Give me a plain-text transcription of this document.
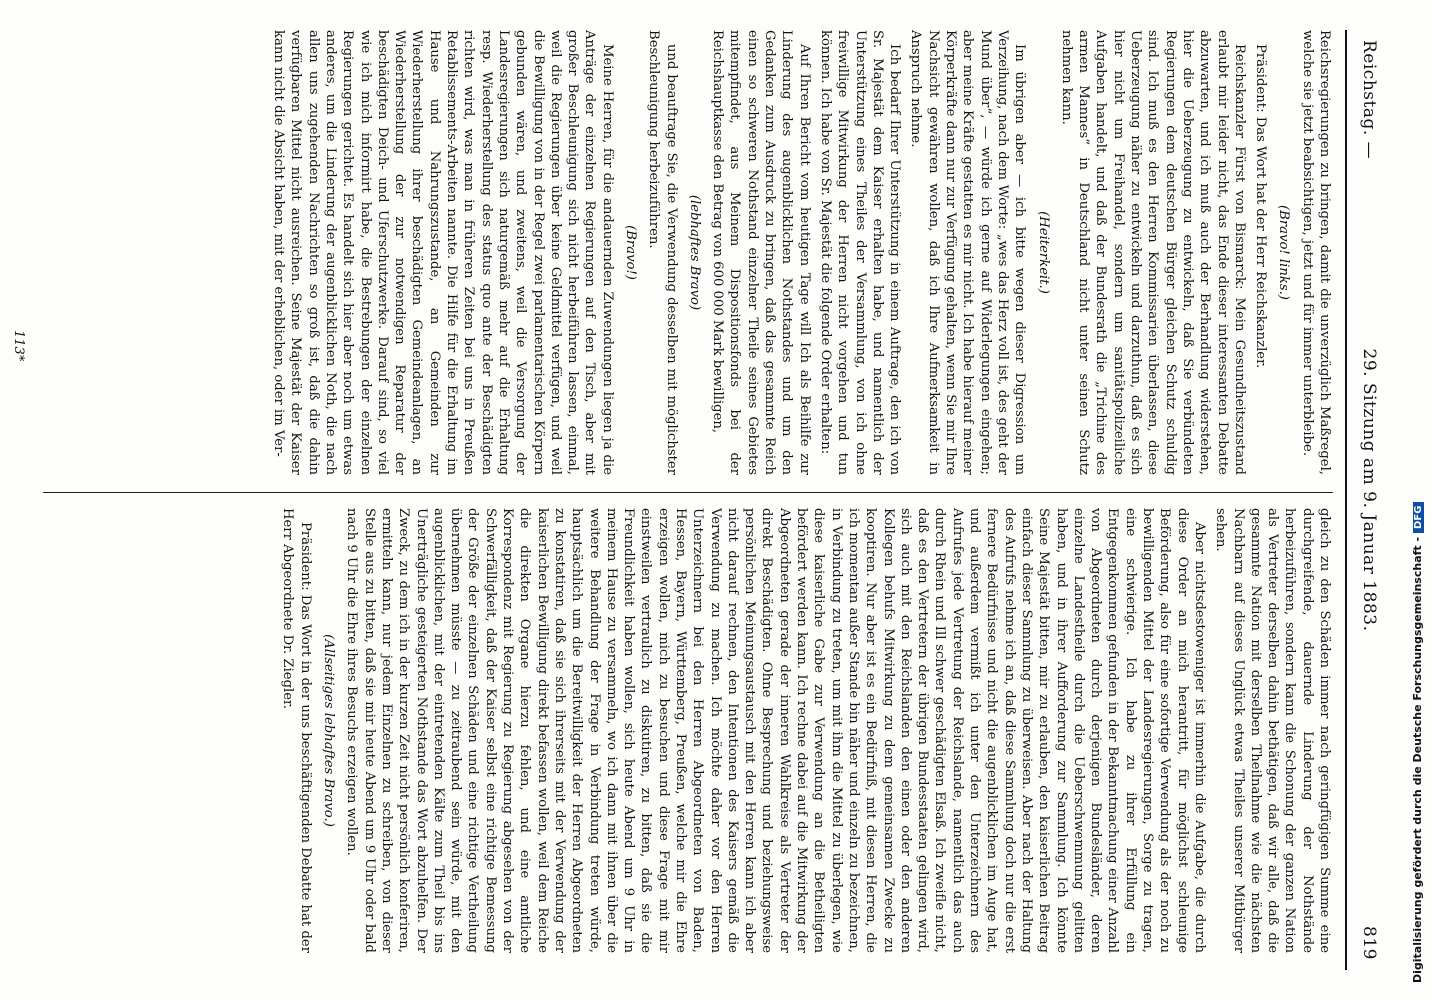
Reichstag. —
29. Sitzung am 9. Januar 1883.
819

Reichsregierungen zu bringen, damit die unverzüglich Maßregel, welche sie jetzt beabsichtigen, jetzt und für immer unterbleibe.

(Bravo! links.)

Präsident: Das Wort hat der Herr Reichskanzler.

Reichskanzler Fürst von Bismarck: Mein Gesundheitszustand erlaubt mir leider nicht, das Ende dieser interessanten Debatte abzuwarten, und ich muß auch der Berhandlung widerstehen, hier die Ueberzeugung zu entwickeln, daß Sie verbündeten Regierungen dem deutschen Bürger gleichen Schutz schuldig sind. Ich muß es den Herren Kommissarien überlassen, diese Ueberzeugung näher zu entwickeln und darzuthun, daß es sich hier nicht um Freihandel, sondern um sanitätspolizeiliche Aufgaben handelt, und daß der Bundesrath die „Trichine des armen Mannes“ in Deutschland nicht unter seinen Schutz nehmen kann.

(Heiterkeit.)

Im übrigen aber — ich bitte wegen dieser Digression um Verzeihung, nach dem Worte: „wes das Herz voll ist, des geht der Mund über“, — würde ich gerne auf Widerlegungen eingehen; aber meine Kräfte gestatten es mir nicht. Ich habe hierauf meiner Körperkräfte dann nur zur Verfügung gehalten, wenn Sie mir Ihre Nachsicht gewähren wollen, daß ich Ihre Aufmerksamkeit in Anspruch nehme.

Ich bedarf Ihrer Unterstützung in einem Auftrage, den ich von Sr. Majestät dem Kaiser erhalten habe, und namentlich der Unterstützung eines Theiles der Versammlung, von ich ohne freiwillige Mitwirkung der Herren nicht vorgehen und tun können. Ich habe von Sr. Majestät die folgende Order erhalten:

Auf Ihren Bericht vom heutigen Tage will Ich als Beihilfe zur Linderung des augenblicklichen Nothstandes und um den Gedanken zum Ausdruck zu bringen, daß das gesammte Reich einen so schweren Nothstand einzelner Theile seines Gebietes mitempfindet, aus Meinem Dispositionsfonds bei der Reichshauptkasse den Betrag von 600 000 Mark bewilligen,

(lebhaftes Bravo)

und beauftrage Sie, die Verwendung desselben mit möglichster Beschleunigung herbeizuführen.

(Bravo!)

Meine Herren, für die andauernden Zuwendungen liegen ja die Anträge der einzelnen Regierungen auf den Tisch, aber mit großer Beschleunigung sich nicht herbeiführen lassen, einmal, weil die Regierungen über keine Geldmittel verfügen, und weil die Bewilligung von in der Regel zwei parlamentarischen Körpern gebunden wären, und zweitens, weil die Versorgung der Landesregierungen sich naturgemäß mehr auf die Erhaltung resp. Wiederherstellung des status quo ante der Beschädigten richten wird, was man in früheren Zeiten bei uns in Preußen Retablissements-Arbeiten nannte. Die Hilfe für die Erhaltung im Hause und Nahrungszustande, an Gemeinden zur Wiederherstellung ihrer beschädigten Gemeindeanlagen, an Wiederherstellung der zur notwendigen Reparatur der beschädigten Deich- und Uferschutzwerke. Darauf sind, so viel wie ich mich informirt habe, die Bestrebungen der einzelnen Regierungen gerichtet. Es handelt sich hier aber noch um etwas anderes, um die Linderung der augenblicklichen Noth, die nach allen uns zugehenden Nachrichten so groß ist, daß die dahin verfügbaren Mittel nicht ausreichen. Seine Majestät der Kaiser kann nicht die Absicht haben, mit der erheblichen, oder im Ver-

gleich zu den Schäden immer nach geringfügigen Summe eine durchgreifende, dauernde Linderung der Nothstände herbeizuführen, sondern kann die Schonung der ganzen Nation als Vertreter derselben dahin bethätigen, daß wir alle, daß die gesammte Nation mit derselben Theilnahme wie die nächsten Nachbarn auf dieses Unglück etwas Theiles unserer Mitbürger sehen.

Aber nichtsdestoweniger ist immerhin die Aufgabe, die durch diese Order an mich herantritt, für möglichst schleunige Beförderung, also für eine sofortige Verwendung als der noch zu bewilligenden Mittel der Landesregierungen, Sorge zu tragen, eine schwierige. Ich habe zu ihrer Erfüllung ein Entgegenkommen gefunden in der Bekanntmachung einer Anzahl von Abgeordneten durch derjenigen Bundesländer, deren einzelne Landestheile durch die Ueberschwemmung gelitten haben, und in ihrer Aufforderung zur Sammlung. Ich könnte Seine Majestät bitten, mir zu erlauben, den kaiserlichen Beitrag einfach dieser Sammlung zu überweisen. Aber nach der Haltung des Aufrufs nehme ich an, daß diese Sammlung doch nur die erst fernere Bedürfnisse und nicht die augenblicklichen im Auge hat, und außerdem vermißt ich unter den Unterzeichnern des Aufrufes jede Vertretung der Reichslande, namentlich das auch durch Rhein und Ill schwer geschädigten Elsaß. Ich zweifle nicht, daß es den Vertretern der übrigen Bundesstaaten gelingen wird, sich auch mit den Reichslanden den einen oder den anderen Kollegen behufs Mitwirkung zu dem gemeinsamen Zwecke zu kooptiren. Nur aber ist es ein Bedürfniß, mit diesen Herren, die ich momentan außer Stande bin näher und einzeln zu bezeichnen, in Verbindung zu treten, um mit ihm die Mittel zu überlegen, wie diese kaiserliche Gabe zur Verwendung an die Betheiligten befördert werden kann. Ich rechne dabei auf die Mitwirkung der Abgeordneten gerade der inneren Wahlkreise als Vertreter der direkt Beschädigten. Ohne Besprechung und beziehungsweise persönlichen Meinungsaustausch mit den Herren kann ich aber nicht darauf rechnen, den Intentionen des Kaisers gemäß die Verwendung zu machen. Ich möchte daher vor den Herren Unterzeichnern bei den Herren Abgeordneten von Baden, Hessen, Bayern, Württemberg, Preußen, welche mir die Ehre erzeigen wollen, mich zu besuchen und diese Frage mit mir einstweilen vertraulich zu diskutiren, zu bitten, daß sie die Freundlichkeit haben wollen, sich heute Abend um 9 Uhr in meinem Hause zu versammeln, wo ich dann mit ihnen über die weitere Behandlung der Frage in Verbindung treten würde, hauptsächlich um die Bereitwilligkeit der Herren Abgeordneten zu konstatiren, daß sie sich ihrerseits mit der Verwendung der kaiserlichen Bewilligung direkt befassen wollen, weil dem Reiche die direkten Organe hierzu fehlen, und eine amtliche Korrespondenz mit Regierung zu Regierung abgesehen von der Schwerfälligkeit, daß der Kaiser selbst eine richtige Bemessung der Größe der einzelnen Schäden und eine richtige Vertheilung übernehmen müsste — zu zeitraubend sein würde, mit den augenblicklichen, mit der eintretenden Kälte zum Theil bis ins Unerträgliche gesteigerten Nothstande das Wort abzuhelfen. Der Zweck, zu dem ich in der kurzen Zeit nicht persönlich konferiren, ermitteln kann, nur jedem Einzelnen zu schreiben, von dieser Stelle aus zu bitten, daß sie mir heute Abend um 9 Uhr oder bald nach 9 Uhr die Ehre ihres Besuchs erzeigen wollen.

(Allseitiges lebhaftes Bravo.)

Präsident: Das Wort in der uns beschäftigenden Debatte hat der Herr Abgeordnete Dr. Ziegler.

113*
Digitalisierung gefördert durch die Deutsche Forschungsgemeinschaft -DFG
